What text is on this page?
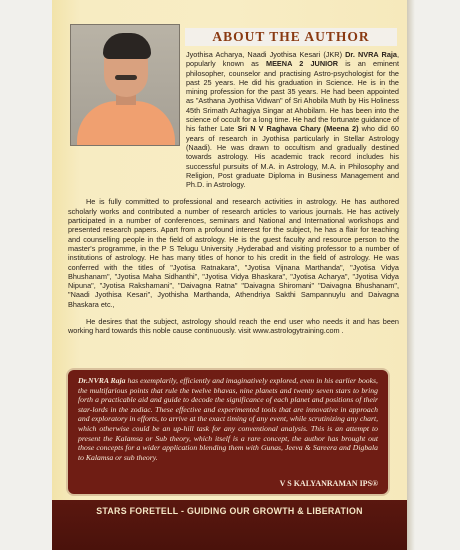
ABOUT THE AUTHOR

Jyothisa Acharya, Naadi Jyothisa Kesari (JKR) Dr. NVRA Raja, popularly known as MEENA 2 JUNIOR is an eminent philosopher, counselor and practising Astro-psychologist for the past 25 years. He did his graduation in Science. He is in the mining profession for the past 35 years. He had been appointed as "Asthana Jyothisa Vidwan" of Sri Ahobila Muth by His Holiness 45th Srimath Azhagiya Singar at Ahobilam. He has been into the science of occult for a long time. He had the fortunate guidance of his father Late Sri N V Raghava Chary (Meena 2) who did 60 years of research in Jyothisa particularly in Stellar Astrology (Naadi). He was drawn to occultism and gradually destined towards astrology. His academic track record includes his successful pursuits of M.A. in Astrology, M.A. in Philosophy and Religion, Post graduate Diploma in Business Management and Ph.D. in Astrology.

He is fully committed to professional and research activities in astrology. He has authored scholarly works and contributed a number of research articles to various journals. He has actively participated in a number of conferences, seminars and National and International workshops and presented research papers. Apart from a profound interest for the subject, he has a flair for teaching and counselling people in the field of astrology. He is the guest faculty and resource person to the master's programme, in the P S Telugu University ,Hyderabad and visiting professor to a number of institutions of astrology. He has many titles of honor to his credit in the field of astrology. He was conferred with the titles of "Jyotisa Ratnakara", "Jyotisa Vijnana Marthanda", "Jyotisa Vidya Bhushanam", "Jyotisa Maha Sidhanthi", "Jyotisa Vidya Bhaskara", "Jyotisa Acharya", "Jyotisa Vidya Nipuna", "Jyotisa Rakshamani", "Daivagna Ratna" "Daivagna Shiromani" "Daivagna Bhushanam", "Naadi Jyothisa Kesari", Jyothisha Marthanda, Athendriya Sakthi Sampannuylu and Daivagna Bhaskara etc.,

He desires that the subject, astrology should reach the end user who needs it and has been working hard towards this noble cause continuously. visit www.astrologytraining.com .

Dr.NVRA Raja has exemplarily, efficiently and imaginatively explored, even in his earlier books, the multifarious points that rule the twelve bhavas, nine planets and twenty seven stars to bring forth a practicable aid and guide to decode the significance of each planet and positions of their star-lords in the zodiac. These effective and experimented tools that are innovative in approach and exploratory in efforts, to arrive at the exact timing of any event, while scrutinizing any chart, which otherwise could be an up-hill task for any conventional analysis. This is an attempt to present the Kalamsa or Sub theory, which itself is a rare concept, the author has brought out those concepts for a wider application blending them with Gunas, Jeeva & Sareera and Digbala to Kalamsa or sub theory.
V S KALYANRAMAN IPS®
STARS FORETELL - GUIDING OUR GROWTH & LIBERATION
